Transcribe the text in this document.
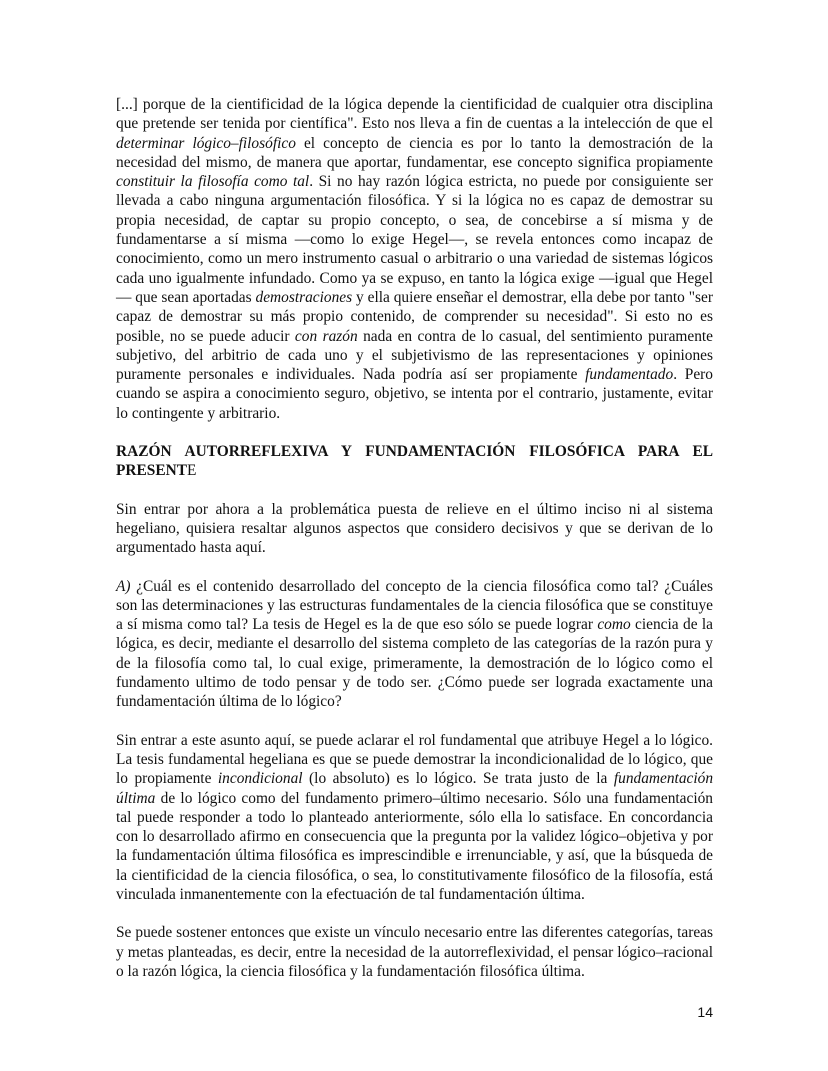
[...] porque de la cientificidad de la lógica depende la cientificidad de cualquier otra disciplina que pretende ser tenida por científica". Esto nos lleva a fin de cuentas a la intelección de que el determinar lógico–filosófico el concepto de ciencia es por lo tanto la demostración de la necesidad del mismo, de manera que aportar, fundamentar, ese concepto significa propiamente constituir la filosofía como tal. Si no hay razón lógica estricta, no puede por consiguiente ser llevada a cabo ninguna argumentación filosófica. Y si la lógica no es capaz de demostrar su propia necesidad, de captar su propio concepto, o sea, de concebirse a sí misma y de fundamentarse a sí misma —como lo exige Hegel—, se revela entonces como incapaz de conocimiento, como un mero instrumento casual o arbitrario o una variedad de sistemas lógicos cada uno igualmente infundado. Como ya se expuso, en tanto la lógica exige —igual que Hegel— que sean aportadas demostraciones y ella quiere enseñar el demostrar, ella debe por tanto "ser capaz de demostrar su más propio contenido, de comprender su necesidad". Si esto no es posible, no se puede aducir con razón nada en contra de lo casual, del sentimiento puramente subjetivo, del arbitrio de cada uno y el subjetivismo de las representaciones y opiniones puramente personales e individuales. Nada podría así ser propiamente fundamentado. Pero cuando se aspira a conocimiento seguro, objetivo, se intenta por el contrario, justamente, evitar lo contingente y arbitrario.

RAZÓN AUTORREFLEXIVA Y FUNDAMENTACIÓN FILOSÓFICA PARA EL PRESENTE

Sin entrar por ahora a la problemática puesta de relieve en el último inciso ni al sistema hegeliano, quisiera resaltar algunos aspectos que considero decisivos y que se derivan de lo argumentado hasta aquí.

A) ¿Cuál es el contenido desarrollado del concepto de la ciencia filosófica como tal? ¿Cuáles son las determinaciones y las estructuras fundamentales de la ciencia filosófica que se constituye a sí misma como tal? La tesis de Hegel es la de que eso sólo se puede lograr como ciencia de la lógica, es decir, mediante el desarrollo del sistema completo de las categorías de la razón pura y de la filosofía como tal, lo cual exige, primeramente, la demostración de lo lógico como el fundamento ultimo de todo pensar y de todo ser. ¿Cómo puede ser lograda exactamente una fundamentación última de lo lógico?

Sin entrar a este asunto aquí, se puede aclarar el rol fundamental que atribuye Hegel a lo lógico. La tesis fundamental hegeliana es que se puede demostrar la incondicionalidad de lo lógico, que lo propiamente incondicional (lo absoluto) es lo lógico. Se trata justo de la fundamentación última de lo lógico como del fundamento primero–último necesario. Sólo una fundamentación tal puede responder a todo lo planteado anteriormente, sólo ella lo satisface. En concordancia con lo desarrollado afirmo en consecuencia que la pregunta por la validez lógico–objetiva y por la fundamentación última filosófica es imprescindible e irrenunciable, y así, que la búsqueda de la cientificidad de la ciencia filosófica, o sea, lo constitutivamente filosófico de la filosofía, está vinculada inmanentemente con la efectuación de tal fundamentación última.

Se puede sostener entonces que existe un vínculo necesario entre las diferentes categorías, tareas y metas planteadas, es decir, entre la necesidad de la autorreflexividad, el pensar lógico–racional o la razón lógica, la ciencia filosófica y la fundamentación filosófica última.

14
